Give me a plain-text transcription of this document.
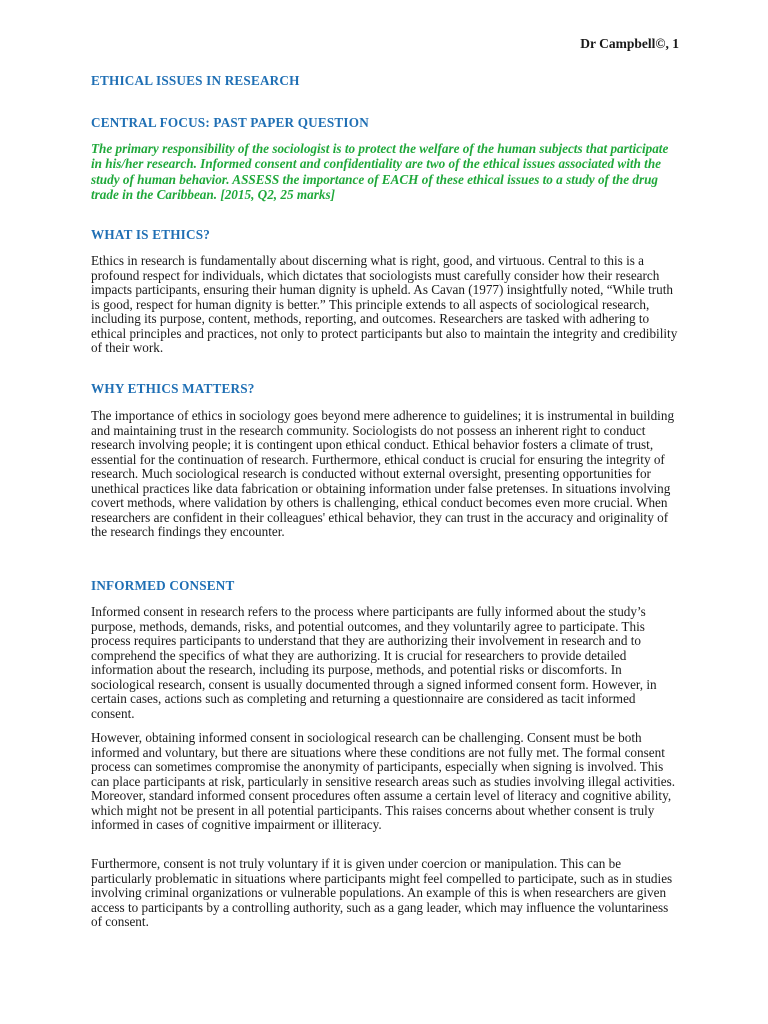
Dr Campbell©, 1
ETHICAL ISSUES IN RESEARCH
CENTRAL FOCUS: PAST PAPER QUESTION

The primary responsibility of the sociologist is to protect the welfare of the human subjects that participate in his/her research. Informed consent and confidentiality are two of the ethical issues associated with the study of human behavior. ASSESS the importance of EACH of these ethical issues to a study of the drug trade in the Caribbean. [2015, Q2, 25 marks]

WHAT IS ETHICS?

Ethics in research is fundamentally about discerning what is right, good, and virtuous. Central to this is a profound respect for individuals, which dictates that sociologists must carefully consider how their research impacts participants, ensuring their human dignity is upheld. As Cavan (1977) insightfully noted, “While truth is good, respect for human dignity is better.” This principle extends to all aspects of sociological research, including its purpose, content, methods, reporting, and outcomes. Researchers are tasked with adhering to ethical principles and practices, not only to protect participants but also to maintain the integrity and credibility of their work.

WHY ETHICS MATTERS?

The importance of ethics in sociology goes beyond mere adherence to guidelines; it is instrumental in building and maintaining trust in the research community. Sociologists do not possess an inherent right to conduct research involving people; it is contingent upon ethical conduct. Ethical behavior fosters a climate of trust, essential for the continuation of research. Furthermore, ethical conduct is crucial for ensuring the integrity of research. Much sociological research is conducted without external oversight, presenting opportunities for unethical practices like data fabrication or obtaining information under false pretenses. In situations involving covert methods, where validation by others is challenging, ethical conduct becomes even more crucial. When researchers are confident in their colleagues' ethical behavior, they can trust in the accuracy and originality of the research findings they encounter.

INFORMED CONSENT

Informed consent in research refers to the process where participants are fully informed about the study’s purpose, methods, demands, risks, and potential outcomes, and they voluntarily agree to participate. This process requires participants to understand that they are authorizing their involvement in research and to comprehend the specifics of what they are authorizing. It is crucial for researchers to provide detailed information about the research, including its purpose, methods, and potential risks or discomforts. In sociological research, consent is usually documented through a signed informed consent form. However, in certain cases, actions such as completing and returning a questionnaire are considered as tacit informed consent.

However, obtaining informed consent in sociological research can be challenging. Consent must be both informed and voluntary, but there are situations where these conditions are not fully met. The formal consent process can sometimes compromise the anonymity of participants, especially when signing is involved. This can place participants at risk, particularly in sensitive research areas such as studies involving illegal activities. Moreover, standard informed consent procedures often assume a certain level of literacy and cognitive ability, which might not be present in all potential participants. This raises concerns about whether consent is truly informed in cases of cognitive impairment or illiteracy.

Furthermore, consent is not truly voluntary if it is given under coercion or manipulation. This can be particularly problematic in situations where participants might feel compelled to participate, such as in studies involving criminal organizations or vulnerable populations. An example of this is when researchers are given access to participants by a controlling authority, such as a gang leader, which may influence the voluntariness of consent.
